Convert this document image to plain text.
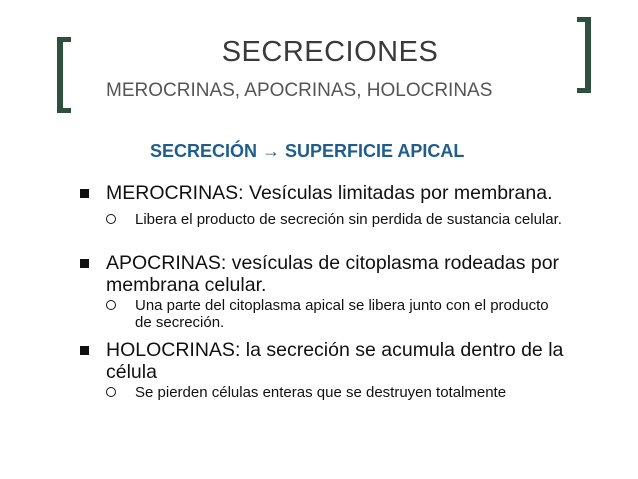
SECRECIONES
MEROCRINAS, APOCRINAS, HOLOCRINAS
SECRECIÓN → SUPERFICIE APICAL
MEROCRINAS: Vesículas limitadas por membrana.
Libera el producto de secreción sin perdida de sustancia celular.
APOCRINAS: vesículas de citoplasma rodeadas por membrana celular.
Una parte del citoplasma apical se libera junto con el producto de secreción.
HOLOCRINAS: la secreción se acumula dentro de la célula
Se pierden células enteras que se destruyen totalmente
